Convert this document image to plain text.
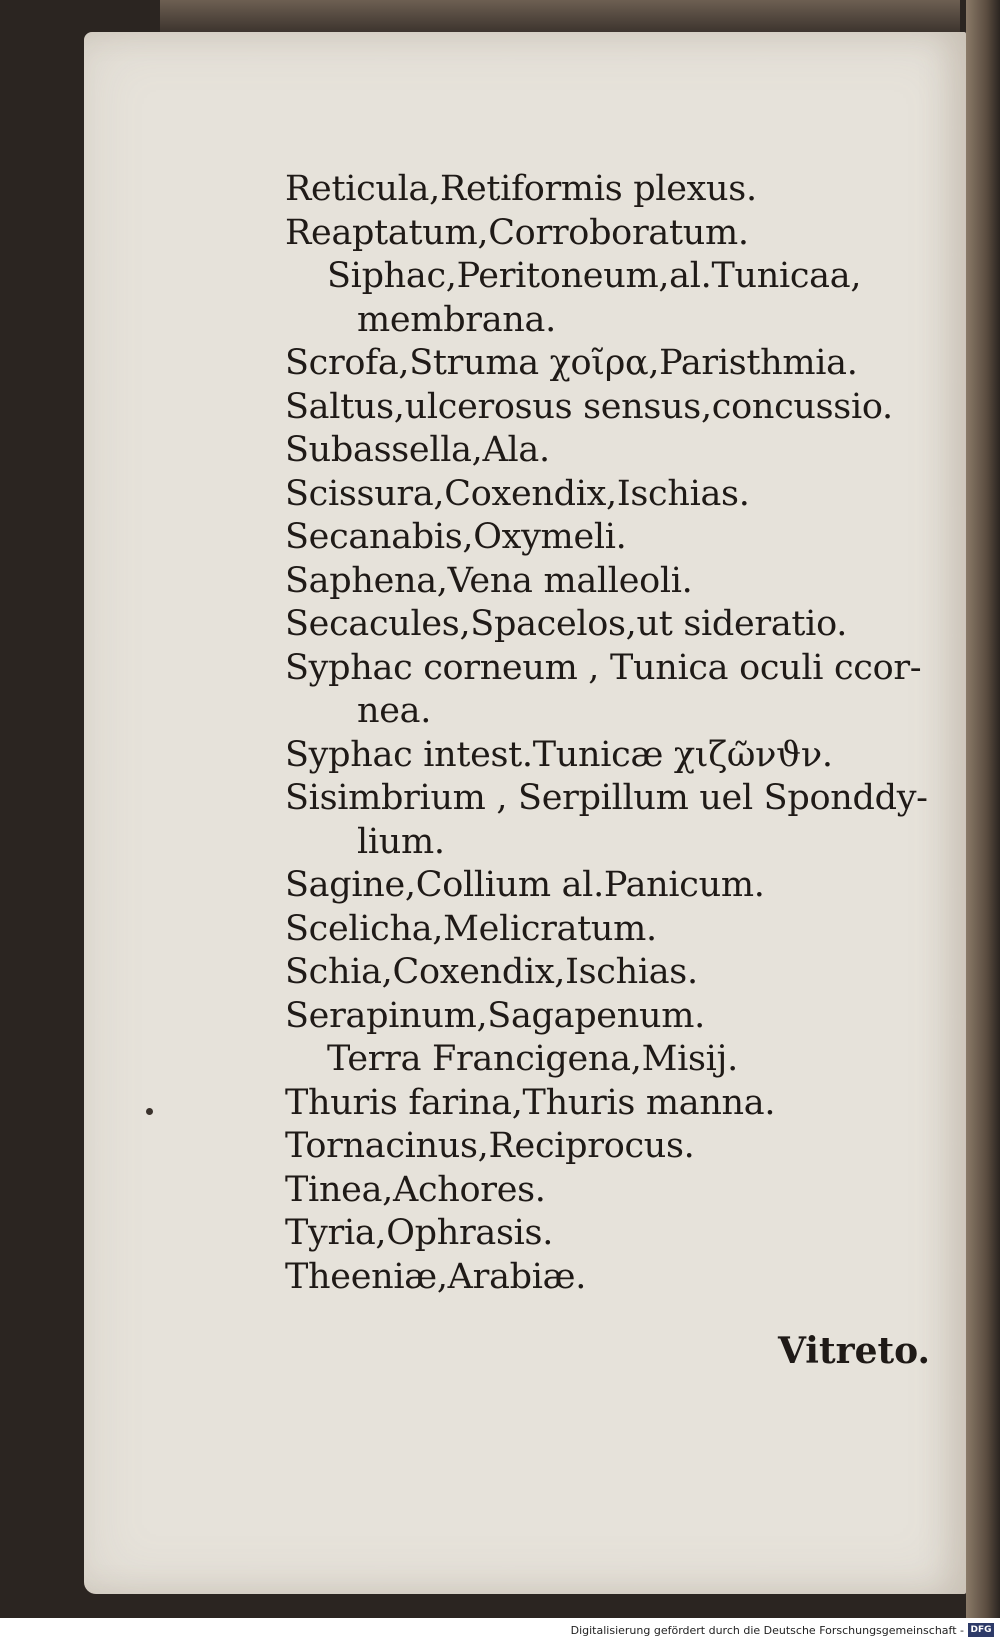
Reticula,Retiformis plexus.
Reaptatum,Corroboratum.
Siphac,Peritoneum,al.Tunicaa,
membrana.
Scrofa,Struma χοῖρα,Paristhmia.
Saltus,ulcerosus sensus,concussio.
Subassella,Ala.
Scissura,Coxendix,Ischias.
Secanabis,Oxymeli.
Saphena,Vena malleoli.
Secacules,Spacelos,ut sideratio.
Syphac corneum , Tunica oculi ccor-
nea.
Syphac intest.Tunicæ χιζῶνϑν.
Sisimbrium , Serpillum uel Sponddy-
lium.
Sagine,Collium al.Panicum.
Scelicha,Melicratum.
Schia,Coxendix,Ischias.
Serapinum,Sagapenum.
Terra Francigena,Misij.
Thuris farina,Thuris manna.
Tornacinus,Reciprocus.
Tinea,Achores.
Tyria,Ophrasis.
Theeniæ,Arabiæ.
Vitreto.
Digitalisierung gefördert durch die Deutsche Forschungsgemeinschaft - DFG
